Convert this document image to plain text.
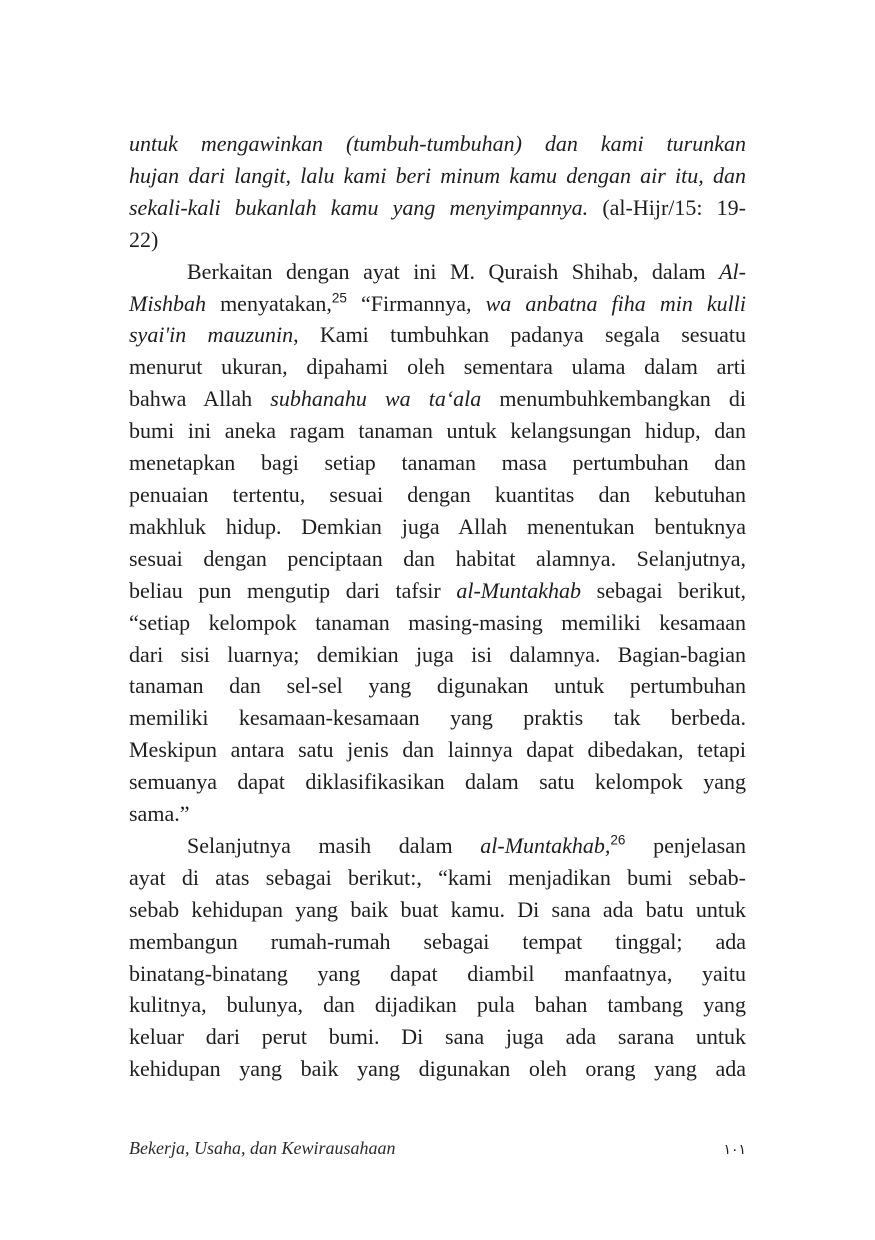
untuk mengawinkan (tumbuh-tumbuhan) dan kami turunkan
hujan dari langit, lalu kami beri minum kamu dengan air itu, dan
sekali-kali bukanlah kamu yang menyimpannya. (al-Hijr/15: 19-
22)
Berkaitan dengan ayat ini M. Quraish Shihab, dalam Al-
Mishbah menyatakan,$^{25}$ “Firmannya, wa anbatna fiha min kulli
syai'in mauzunin, Kami tumbuhkan padanya segala sesuatu
menurut ukuran, dipahami oleh sementara ulama dalam arti
bahwa Allah subhanahu wa ta‘ala menumbuhkembangkan di
bumi ini aneka ragam tanaman untuk kelangsungan hidup, dan
menetapkan bagi setiap tanaman masa pertumbuhan dan
penuaian tertentu, sesuai dengan kuantitas dan kebutuhan
makhluk hidup. Demkian juga Allah menentukan bentuknya
sesuai dengan penciptaan dan habitat alamnya. Selanjutnya,
beliau pun mengutip dari tafsir al-Muntakhab sebagai berikut,
“setiap kelompok tanaman masing-masing memiliki kesamaan
dari sisi luarnya; demikian juga isi dalamnya. Bagian-bagian
tanaman dan sel-sel yang digunakan untuk pertumbuhan
memiliki kesamaan-kesamaan yang praktis tak berbeda.
Meskipun antara satu jenis dan lainnya dapat dibedakan, tetapi
semuanya dapat diklasifikasikan dalam satu kelompok yang
sama.”
Selanjutnya masih dalam al-Muntakhab,$^{26}$ penjelasan
ayat di atas sebagai berikut:, “kami menjadikan bumi sebab-
sebab kehidupan yang baik buat kamu. Di sana ada batu untuk
membangun rumah-rumah sebagai tempat tinggal; ada
binatang-binatang yang dapat diambil manfaatnya, yaitu
kulitnya, bulunya, dan dijadikan pula bahan tambang yang
keluar dari perut bumi. Di sana juga ada sarana untuk
kehidupan yang baik yang digunakan oleh orang yang ada
Bekerja, Usaha, dan Kewirausahaan	١٠١
